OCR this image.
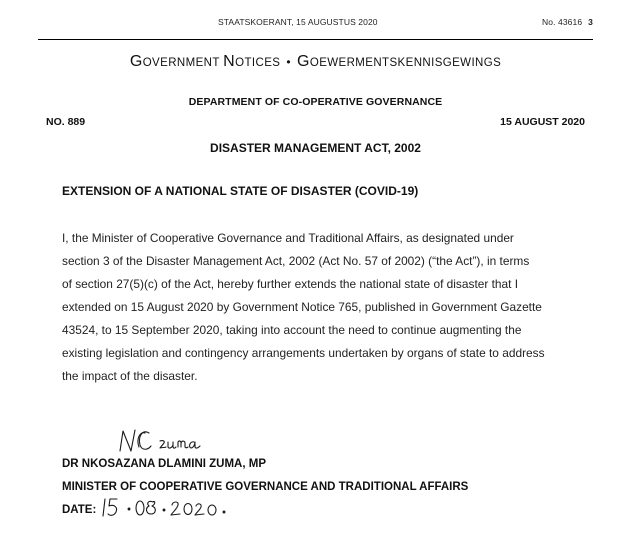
STAATSKOERANT, 15 AUGUSTUS 2020	No. 43616 3
GOVERNMENT NOTICES • GOEWERMENTSKENNISGEWINGS
DEPARTMENT OF CO-OPERATIVE GOVERNANCE
NO. 889	15 AUGUST 2020
DISASTER MANAGEMENT ACT, 2002
EXTENSION OF A NATIONAL STATE OF DISASTER (COVID-19)
I, the Minister of Cooperative Governance and Traditional Affairs, as designated under
section 3 of the Disaster Management Act, 2002 (Act No. 57 of 2002) (“the Act”), in terms
of section 27(5)(c) of the Act, hereby further extends the national state of disaster that I
extended on 15 August 2020 by Government Notice 765, published in Government Gazette
43524, to 15 September 2020, taking into account the need to continue augmenting the
existing legislation and contingency arrangements undertaken by organs of state to address
the impact of the disaster.
DR NKOSAZANA DLAMINI ZUMA, MP
MINISTER OF COOPERATIVE GOVERNANCE AND TRADITIONAL AFFAIRS
DATE:
